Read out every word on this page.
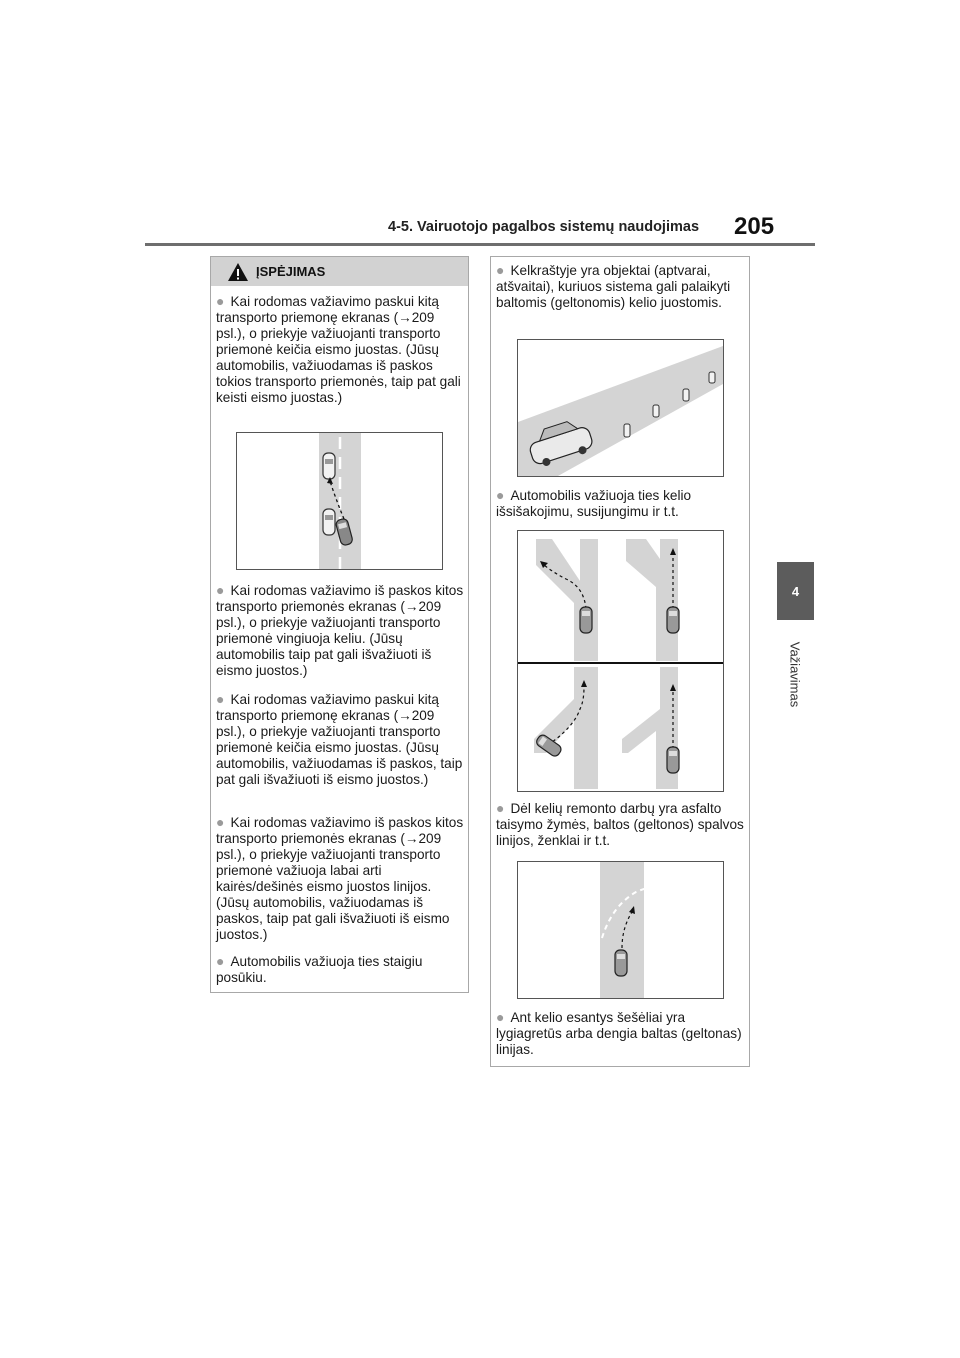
4-5. Vairuotojo pagalbos sistemų naudojimas 205
4
Važiavimas
ĮSPĖJIMAS
● Kai rodomas važiavimo paskui kitą transporto priemonę ekranas (→209 psl.), o priekyje važiuojanti transporto priemonė keičia eismo juostas. (Jūsų automobilis, važiuodamas iš paskos tokios transporto priemonės, taip pat gali keisti eismo juostas.)
● Kai rodomas važiavimo iš paskos kitos transporto priemonės ekranas (→209 psl.), o priekyje važiuojanti transporto priemonė vingiuoja keliu. (Jūsų automobilis taip pat gali išvažiuoti iš eismo juostos.)
● Kai rodomas važiavimo paskui kitą transporto priemonę ekranas (→209 psl.), o priekyje važiuojanti transporto priemonė keičia eismo juostas. (Jūsų automobilis, važiuodamas iš paskos, taip pat gali išvažiuoti iš eismo juostos.)
● Kai rodomas važiavimo iš paskos kitos transporto priemonės ekranas (→209 psl.), o priekyje važiuojanti transporto priemonė važiuoja labai arti kairės/dešinės eismo juostos linijos. (Jūsų automobilis, važiuodamas iš paskos, taip pat gali išvažiuoti iš eismo juostos.)
● Automobilis važiuoja ties staigiu posūkiu.
● Kelkraštyje yra objektai (aptvarai, atšvaitai), kuriuos sistema gali palaikyti baltomis (geltonomis) kelio juostomis.
● Automobilis važiuoja ties kelio išsišakojimu, susijungimu ir t.t.
● Dėl kelių remonto darbų yra asfalto taisymo žymės, baltos (geltonos) spalvos linijos, ženklai ir t.t.
● Ant kelio esantys šešėliai yra lygiagretūs arba dengia baltas (geltonas) linijas.
